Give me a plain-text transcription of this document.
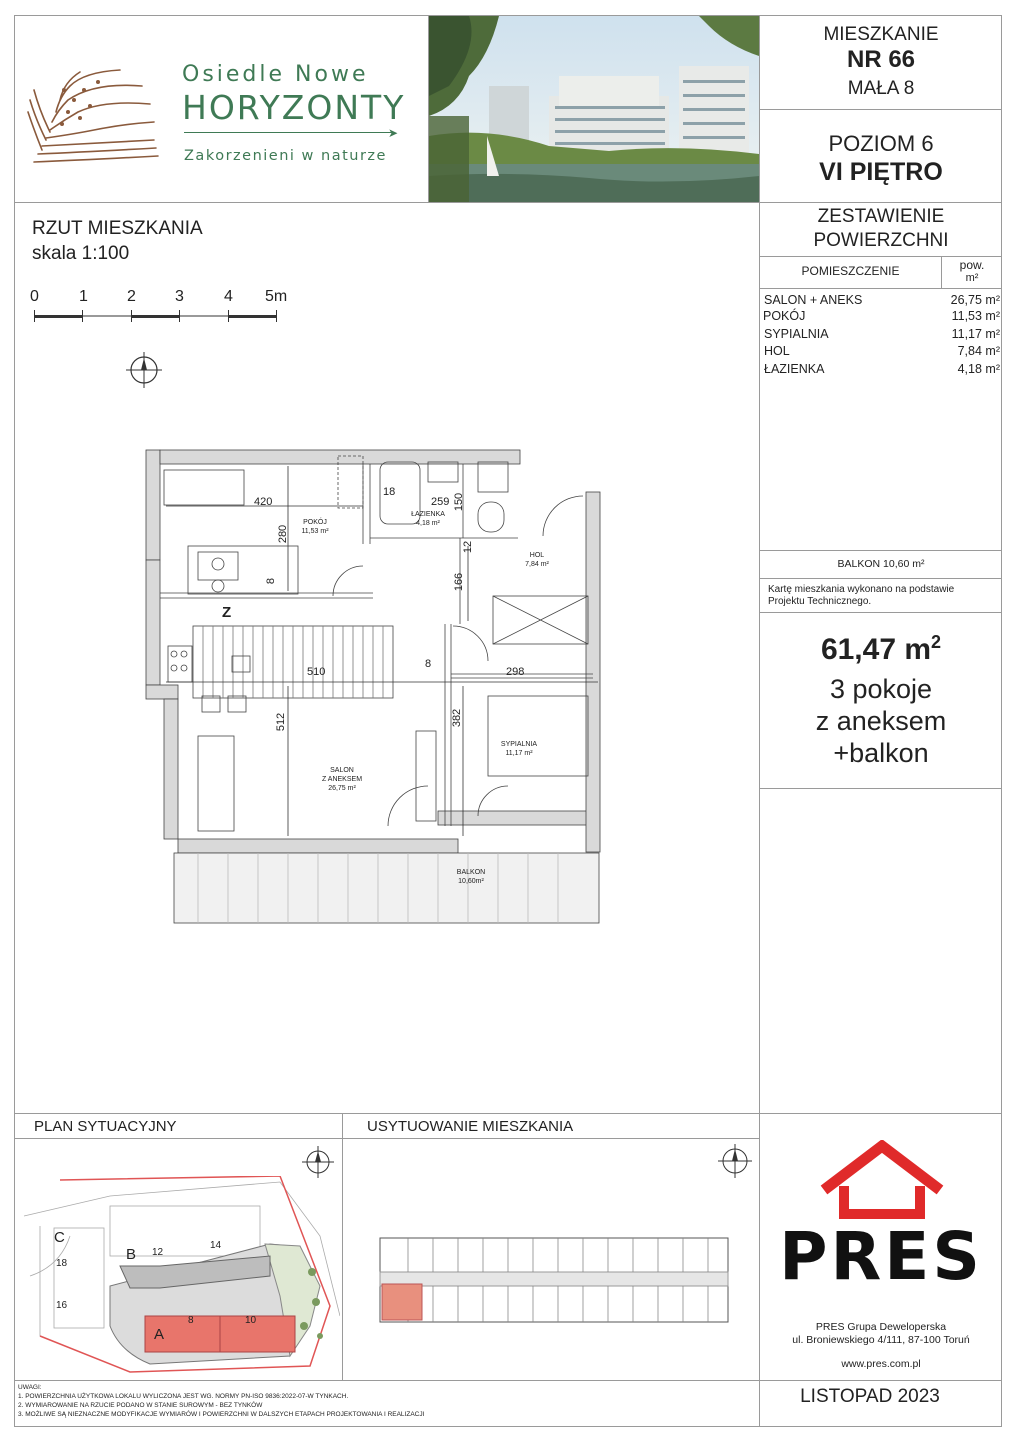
Osiedle Nowe
HORYZONTY
➤
Zakorzenieni w naturze
MIESZKANIE
NR 66
MAŁA 8
POZIOM 6
VI PIĘTRO
ZESTAWIENIE
POWIERZCHNI
POMIESZCZENIE	pow.
m²
SALON + ANEKS	26,75 m²
POKÓJ	11,53 m²
SYPIALNIA	11,17 m²
HOL	7,84 m²
ŁAZIENKA	4,18 m²
BALKON 10,60 m²
Kartę mieszkania wykonano na podstawie Projektu Technicznego.
61,47 $m^2$
3 pokoje
z aneksem
+balkon
RZUT MIESZKANIA
skala 1:100
0	1 2 3	4 5m
POKÓJ
11,53 m²
ŁAZIENKA
4,18 m²
HOL
7,84 m²
SALON
Z ANEKSEM
26,75 m²
SYPIALNIA
11,17 m²
BALKON
10,60m²
420
280
8
18
259 150
12
166
510
8
298
512	382
Z
PLAN SYTUACYJNY
C
B
A
12
14
18
16
8	10
USYTUOWANIE MIESZKANIA
PRES
PRES Grupa Deweloperska
ul. Broniewskiego 4/111, 87-100 Toruń
www.pres.com.pl
UWAGI:
1. POWIERZCHNIA UŻYTKOWA LOKALU WYLICZONA JEST WG. NORMY PN-ISO 9836:2022-07-W TYNKACH.
2. WYMIAROWANIE NA RZUCIE PODANO W STANIE SUROWYM - BEZ TYNKÓW
3. MOŻLIWE SĄ NIEZNACZNE MODYFIKACJE WYMIARÓW I POWIERZCHNI W DALSZYCH ETAPACH PROJEKTOWANIA I REALIZACJI
LISTOPAD 2023
